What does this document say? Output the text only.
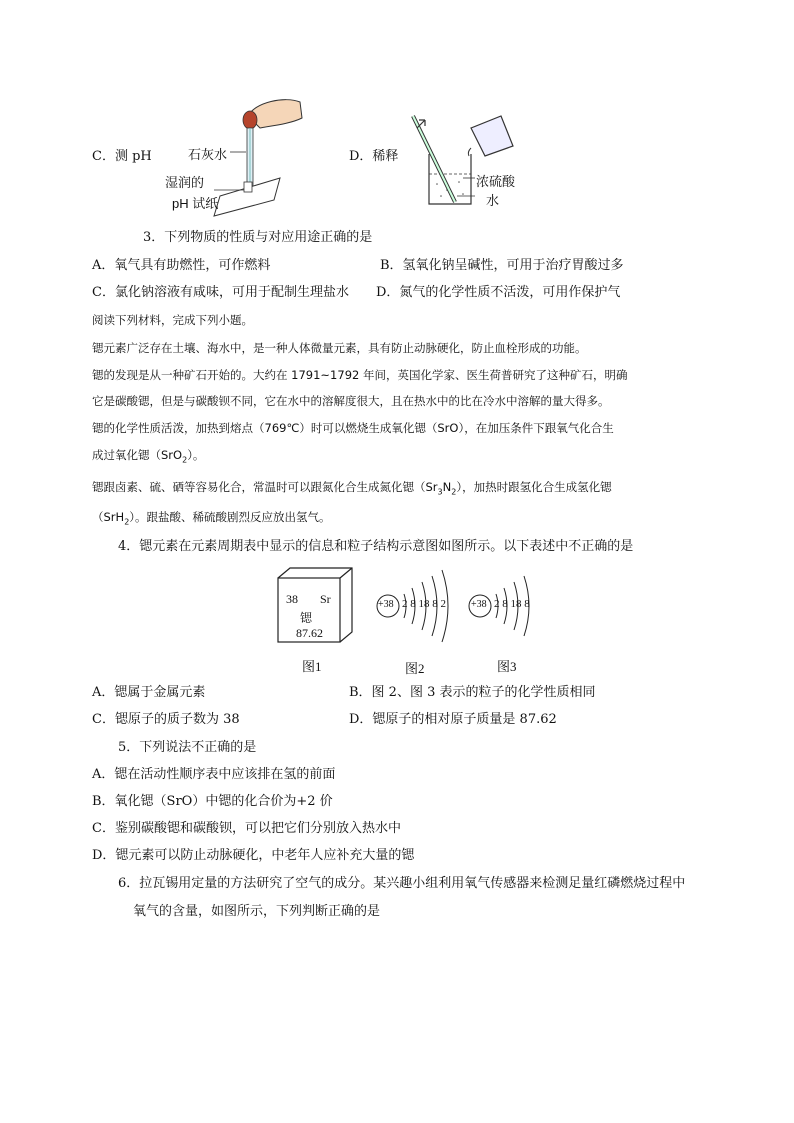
C．测 pH	D．稀释
石灰水
湿润的
pH 试纸
浓硫酸
水
3．下列物质的性质与对应用途正确的是
A．氧气具有助燃性，可作燃料	B．氢氧化钠呈碱性，可用于治疗胃酸过多
C．氯化钠溶液有咸味，可用于配制生理盐水 D．氮气的化学性质不活泼，可用作保护气
阅读下列材料，完成下列小题。
锶元素广泛存在土壤、海水中，是一种人体微量元素，具有防止动脉硬化，防止血栓形成的功能。
锶的发现是从一种矿石开始的。大约在 1791~1792 年间，英国化学家、医生荷普研究了这种矿石，明确
它是碳酸锶，但是与碳酸钡不同，它在水中的溶解度很大，且在热水中的比在冷水中溶解的量大得多。
锶的化学性质活泼，加热到熔点（769℃）时可以燃烧生成氧化锶（SrO），在加压条件下跟氧气化合生
成过氧化锶（SrO$_2$）。
锶跟卤素、硫、硒等容易化合，常温时可以跟氮化合生成氮化锶$(Sr_3N_2)$，加热时跟氢化合生成氢化锶
（SrH$_2$）。跟盐酸、稀硫酸剧烈反应放出氢气。
4．锶元素在元素周期表中显示的信息和粒子结构示意图如图所示。以下表述中不正确的是
38 Sr
锶
87.62
图1
+38 2 8 18 8 2
图2
+38 2 8 18 8
图3
A．锶属于金属元素	B．图 2、图 3 表示的粒子的化学性质相同
C．锶原子的质子数为 38	D．锶原子的相对原子质量是 87.62
5．下列说法不正确的是
A．锶在活动性顺序表中应该排在氢的前面
B．氧化锶（SrO）中锶的化合价为+2 价
C．鉴别碳酸锶和碳酸钡，可以把它们分别放入热水中
D．锶元素可以防止动脉硬化，中老年人应补充大量的锶
6．拉瓦锡用定量的方法研究了空气的成分。某兴趣小组利用氧气传感器来检测足量红磷燃烧过程中
氧气的含量，如图所示，下列判断正确的是
